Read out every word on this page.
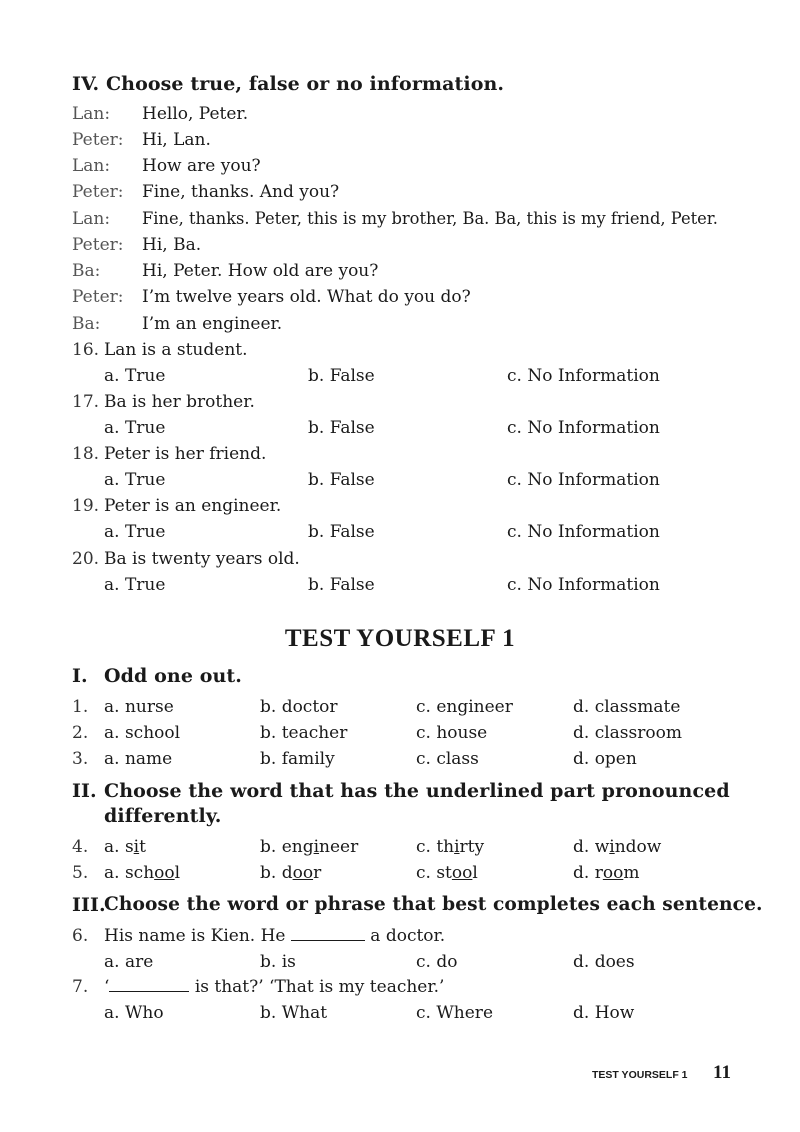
IV. Choose true, false or no information.
Lan: Hello, Peter.
Peter: Hi, Lan.
Lan: How are you?
Peter: Fine, thanks. And you?
Lan: Fine, thanks. Peter, this is my brother, Ba. Ba, this is my friend, Peter.
Peter: Hi, Ba.
Ba: Hi, Peter. How old are you?
Peter: I’m twelve years old. What do you do?
Ba: I’m an engineer.
16. Lan is a student.
a. True	b. False	c. No Information
17. Ba is her brother.
a. True	b. False	c. No Information
18. Peter is her friend.
a. True	b. False	c. No Information
19. Peter is an engineer.
a. True	b. False	c. No Information
20. Ba is twenty years old.
a. True	b. False	c. No Information
TEST YOURSELF 1
I. Odd one out.
1. a. nurse	b. doctor	c. engineer	d. classmate
2. a. school	b. teacher	c. house	d. classroom
3. a. name	b. family	c. class	d. open
II. Choose the word that has the underlined part pronounced
differently.
4. a. sit	b. engineer	c. thirty	d. window
5. a. school	b. door	c. stool	d. room
III.
Choose the word or phrase that best completes each sentence.
6. His name is Kien. He	a doctor.
a. are	b. is	c. do	d. does
7. ‘	is that?’ ‘That is my teacher.’
a. Who	b. What	c. Where	d. How
TEST YOURSELF 1 11
